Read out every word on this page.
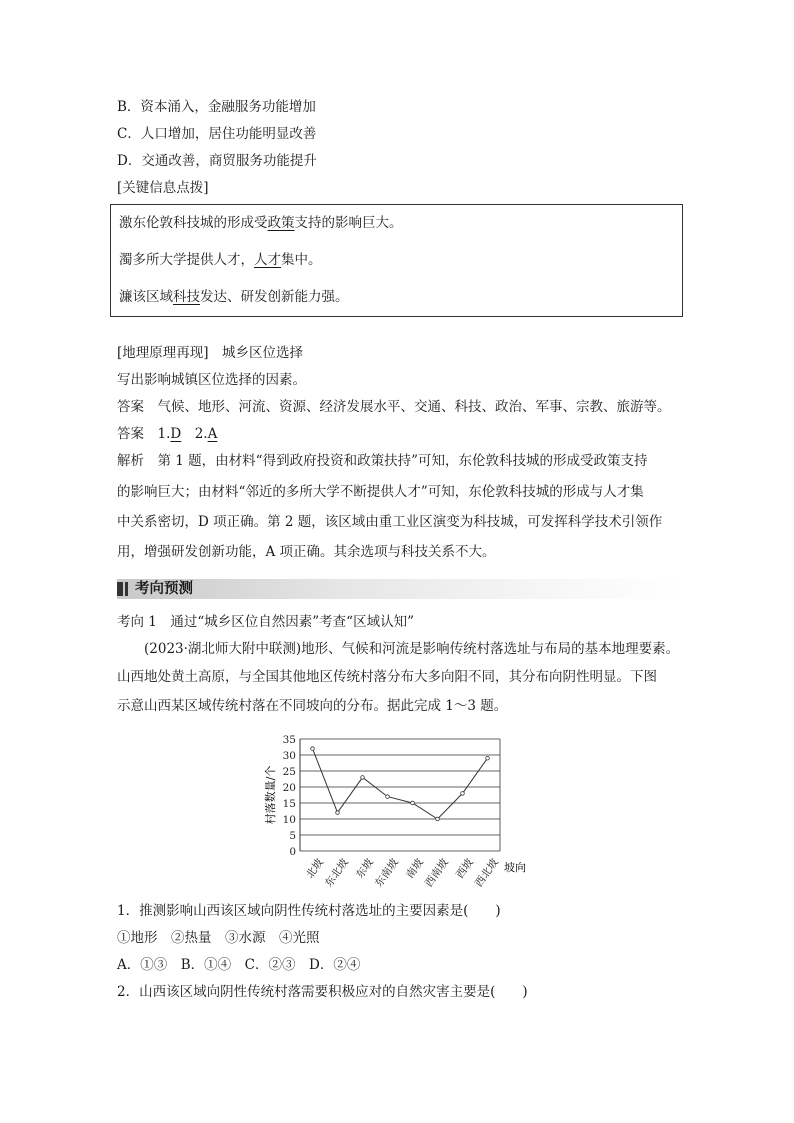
B．资本涌入，金融服务功能增加
C．人口增加，居住功能明显改善
D．交通改善，商贸服务功能提升
[关键信息点拨]
激东伦敦科技城的形成受政策支持的影响巨大。
濁多所大学提供人才，人才集中。
濂该区域科技发达、研发创新能力强。
[地理原理再现]　城乡区位选择
写出影响城镇区位选择的因素。
答案　 气候、地形、河流、资源、经济发展水平、交通、科技、政治、军事、宗教、旅游等。
答案　 1.D　 2.A
解析　 第 1 题，由材料“得到政府投资和政策扶持”可知，东伦敦科技城的形成受政策支持
的影响巨大；由材料“邻近的多所大学不断提供人才”可知，东伦敦科技城的形成与人才集
中关系密切，D 项正确。第 2 题，该区域由重工业区演变为科技城，可发挥科学技术引领作
用，增强研发创新功能，A 项正确。其余选项与科技关系不大。
考向预测
考向 1　通过“城乡区位自然因素”考查“区域认知”
(2023·湖北师大附中联测)地形、气候和河流是影响传统村落选址与布局的基本地理要素。
山西地处黄土高原，与全国其他地区传统村落分布大多向阳不同，其分布向阴性明显。下图
示意山西某区域传统村落在不同坡向的分布。据此完成 1～3 题。
0
5
10
15
20
25
30
35
北坡
东北坡 东坡
东南坡 南坡
西南坡 西坡
西北坡
村落数量/个
坡向
1．推测影响山西该区域向阴性传统村落选址的主要因素是(　　)
①地形　②热量　③水源　④光照
A．①③　B．①④　C．②③　D．②④
2．山西该区域向阴性传统村落需要积极应对的自然灾害主要是(　　)
